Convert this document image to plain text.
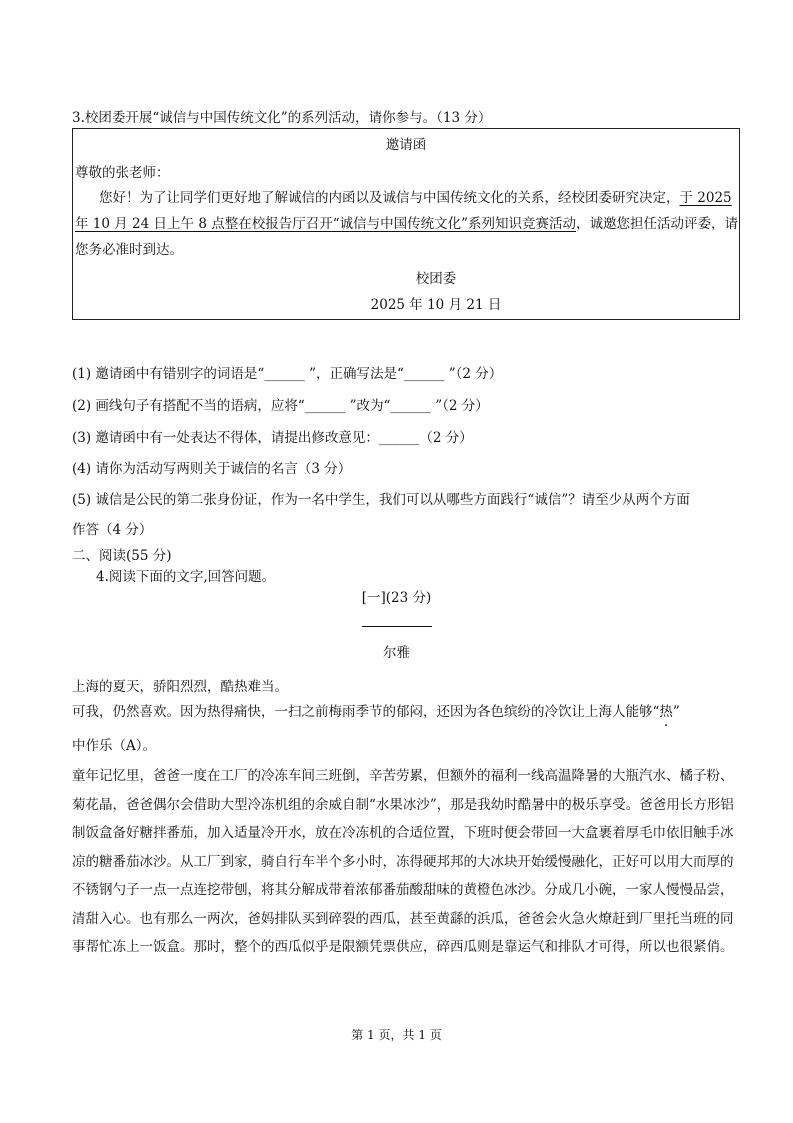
3.校团委开展“诚信与中国传统文化”的系列活动，请你参与。（13 分）
邀请函
尊敬的张老师：
您好！为了让同学们更好地了解诚信的内函以及诚信与中国传统文化的关系，经校团委研究决定，于 2025 年 10 月 24 日上午 8 点整在校报告厅召开“诚信与中国传统文化”系列知识竞赛活动，诚邀您担任活动评委，请您务必准时到达。
校团委
2025 年 10 月 21 日
(1) 邀请函中有错别字的词语是“______ ”，正确写法是“______ ”（2 分）
(2) 画线句子有搭配不当的语病，应将“______ ”改为“______ ”（2 分）
(3) 邀请函中有一处表达不得体，请提出修改意见：______（2 分）
(4) 请你为活动写两则关于诚信的名言（3 分）
(5) 诚信是公民的第二张身份证，作为一名中学生，我们可以从哪些方面践行“诚信”？请至少从两个方面
作答（4 分）
二、阅读(55 分)
4.阅读下面的文字,回答问题。
[一](23 分)
尔雅
上海的夏天，骄阳烈烈，酷热难当。
可我，仍然喜欢。因为热得痛快，一扫之前梅雨季节的郁闷，还因为各色缤纷的冷饮让上海人能够“热”
中作乐（A）。
童年记忆里，爸爸一度在工厂的冷冻车间三班倒，辛苦劳累，但额外的福利一线高温降暑的大瓶汽水、橘子粉、菊花晶，爸爸偶尔会借助大型冷冻机组的余威自制“水果冰沙”，那是我幼时酷暑中的极乐享受。爸爸用长方形铝制饭盒备好糖拌番茄，加入适量冷开水，放在冷冻机的合适位置，下班时便会带回一大盒裹着厚毛巾依旧触手冰凉的糖番茄冰沙。从工厂到家，骑自行车半个多小时，冻得硬邦邦的大冰块开始缓慢融化，正好可以用大而厚的不锈钢勺子一点一点连挖带刨，将其分解成带着浓郁番茄酸甜味的黄橙色冰沙。分成几小碗，一家人慢慢品尝，清甜入心。也有那么一两次，爸妈排队买到碎裂的西瓜，甚至黄繇的浜瓜，爸爸会火急火燎赶到厂里托当班的同事帮忙冻上一饭盒。那时，整个的西瓜似乎是限额凭票供应，碎西瓜则是靠运气和排队才可得，所以也很紧俏。
第 1 页，共 1 页
